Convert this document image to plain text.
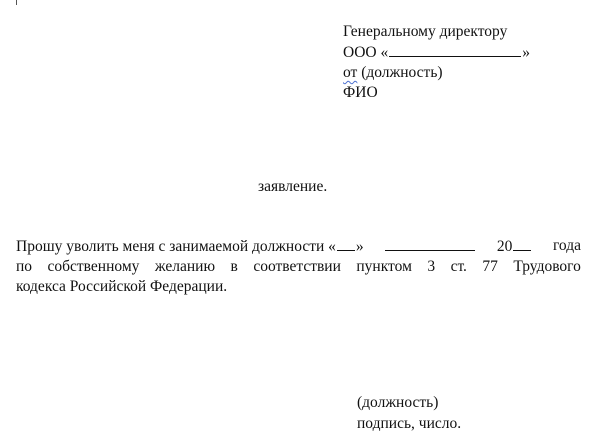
Генеральному директору
ООО «	»
от (должность)
ФИО
заявление.
Прошу уволить меня с занимаемой должности « »	20	года
по собственному желанию в соответствии пунктом 3 ст. 77 Трудового
кодекса Российской Федерации.
(должность)
подпись, число.
